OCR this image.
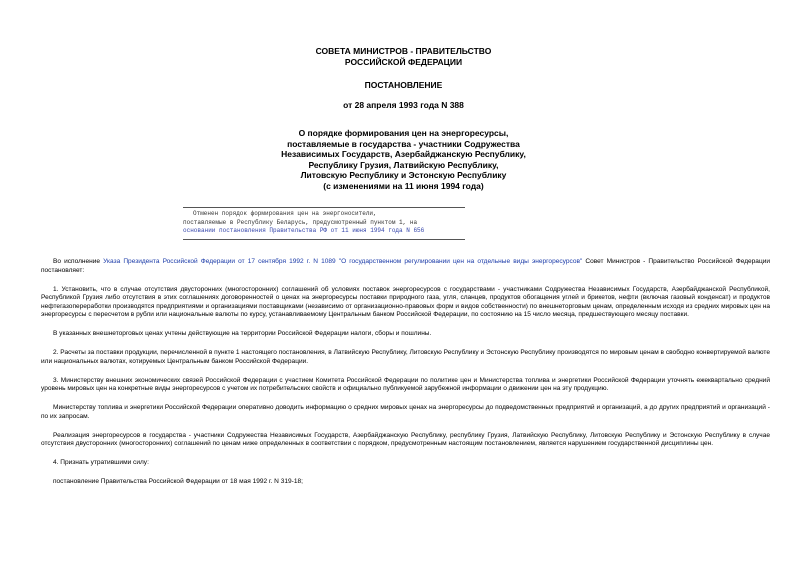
СОВЕТА МИНИСТРОВ - ПРАВИТЕЛЬСТВО
РОССИЙСКОЙ ФЕДЕРАЦИИ
ПОСТАНОВЛЕНИЕ
от 28 апреля 1993 года N 388
О порядке формирования цен на энергоресурсы,
поставляемые в государства - участники Содружества
Независимых Государств, Азербайджанскую Республику,
Республику Грузия, Латвийскую Республику,
Литовскую Республику и Эстонскую Республику
(с изменениями на 11 июня 1994 года)
Отменен порядок формирования цен на энергоносители,
поставляемые в Республику Беларусь, предусмотренный пунктом 1, на
основании постановления Правительства РФ от 11 июня 1994 года N 656

Во исполнение Указа Президента Российской Федерации от 17 сентября 1992 г. N 1089 "О государственном регулировании цен на отдельные виды энергоресурсов" Совет Министров - Правительство Российской Федерации постановляет:

1. Установить, что в случае отсутствия двусторонних (многосторонних) соглашений об условиях поставок энергоресурсов с государствами - участниками Содружества Независимых Государств, Азербайджанской Республикой, Республикой Грузия либо отсутствия в этих соглашениях договоренностей о ценах на энергоресурсы поставки природного газа, угля, сланцев, продуктов обогащения углей и брикетов, нефти (включая газовый конденсат) и продуктов нефтегазопереработки производятся предприятиями и организациями поставщиками (независимо от организационно-правовых форм и видов собственности) по внешнеторговым ценам, определенным исходя из средних мировых цен на энергоресурсы с пересчетом в рубли или национальные валюты по курсу, устанавливаемому Центральным банком Российской Федерации, по состоянию на 15 число месяца, предшествующего месяцу поставки.

В указанных внешнеторговых ценах учтены действующие на территории Российской Федерации налоги, сборы и пошлины.

2. Расчеты за поставки продукции, перечисленной в пункте 1 настоящего постановления, в Латвийскую Республику, Литовскую Республику и Эстонскую Республику производятся по мировым ценам в свободно конвертируемой валюте или национальных валютах, котируемых Центральным банком Российской Федерации.

3. Министерству внешних экономических связей Российской Федерации с участием Комитета Российской Федерации по политике цен и Министерства топлива и энергетики Российской Федерации уточнять ежеквартально средний уровень мировых цен на конкретные виды энергоресурсов с учетом их потребительских свойств и официально публикуемой зарубежной информации о движении цен на эту продукцию.

Министерству топлива и энергетики Российской Федерации оперативно доводить информацию о средних мировых ценах на энергоресурсы до подведомственных предприятий и организаций, а до других предприятий и организаций - по их запросам.

Реализация энергоресурсов в государства - участники Содружества Независимых Государств, Азербайджанскую Республику, республику Грузия, Латвийскую Республику, Литовскую Республику и Эстонскую Республику в случае отсутствия двусторонних (многосторонних) соглашений по ценам ниже определенных в соответствии с порядком, предусмотренным настоящим постановлением, является нарушением государственной дисциплины цен.

4. Признать утратившими силу:

постановление Правительства Российской Федерации от 18 мая 1992 г. N 319-18;
